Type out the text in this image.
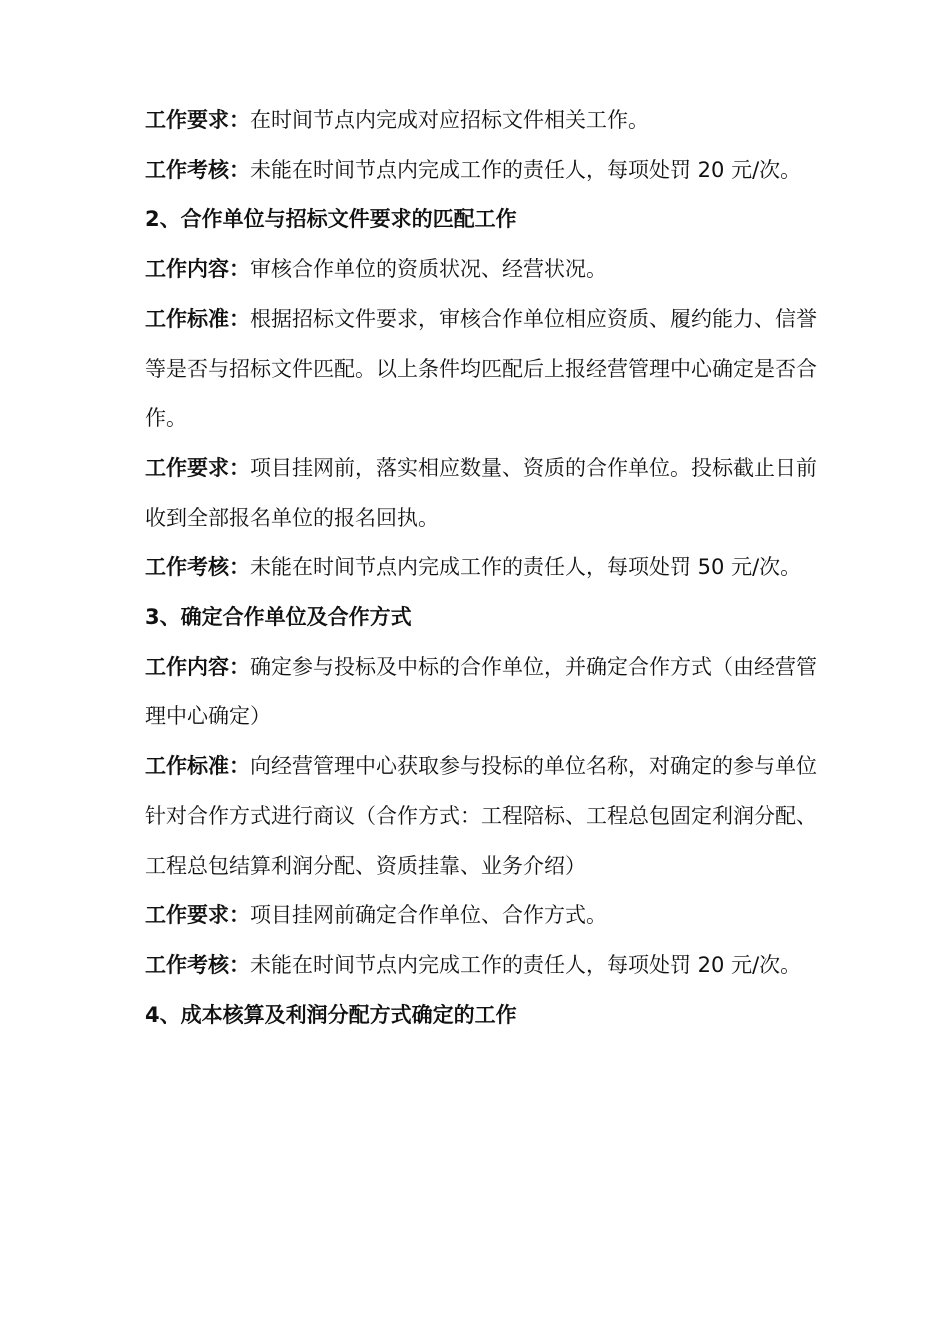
工作要求：在时间节点内完成对应招标文件相关工作。

工作考核：未能在时间节点内完成工作的责任人，每项处罚 20 元/次。

2、合作单位与招标文件要求的匹配工作

工作内容：审核合作单位的资质状况、经营状况。

工作标准：根据招标文件要求，审核合作单位相应资质、履约能力、信誉等是否与招标文件匹配。以上条件均匹配后上报经营管理中心确定是否合作。

工作要求：项目挂网前，落实相应数量、资质的合作单位。投标截止日前收到全部报名单位的报名回执。

工作考核：未能在时间节点内完成工作的责任人，每项处罚 50 元/次。

3、确定合作单位及合作方式

工作内容：确定参与投标及中标的合作单位，并确定合作方式（由经营管理中心确定）

工作标准：向经营管理中心获取参与投标的单位名称，对确定的参与单位针对合作方式进行商议（合作方式：工程陪标、工程总包固定利润分配、工程总包结算利润分配、资质挂靠、业务介绍）

工作要求：项目挂网前确定合作单位、合作方式。

工作考核：未能在时间节点内完成工作的责任人，每项处罚 20 元/次。

4、成本核算及利润分配方式确定的工作
